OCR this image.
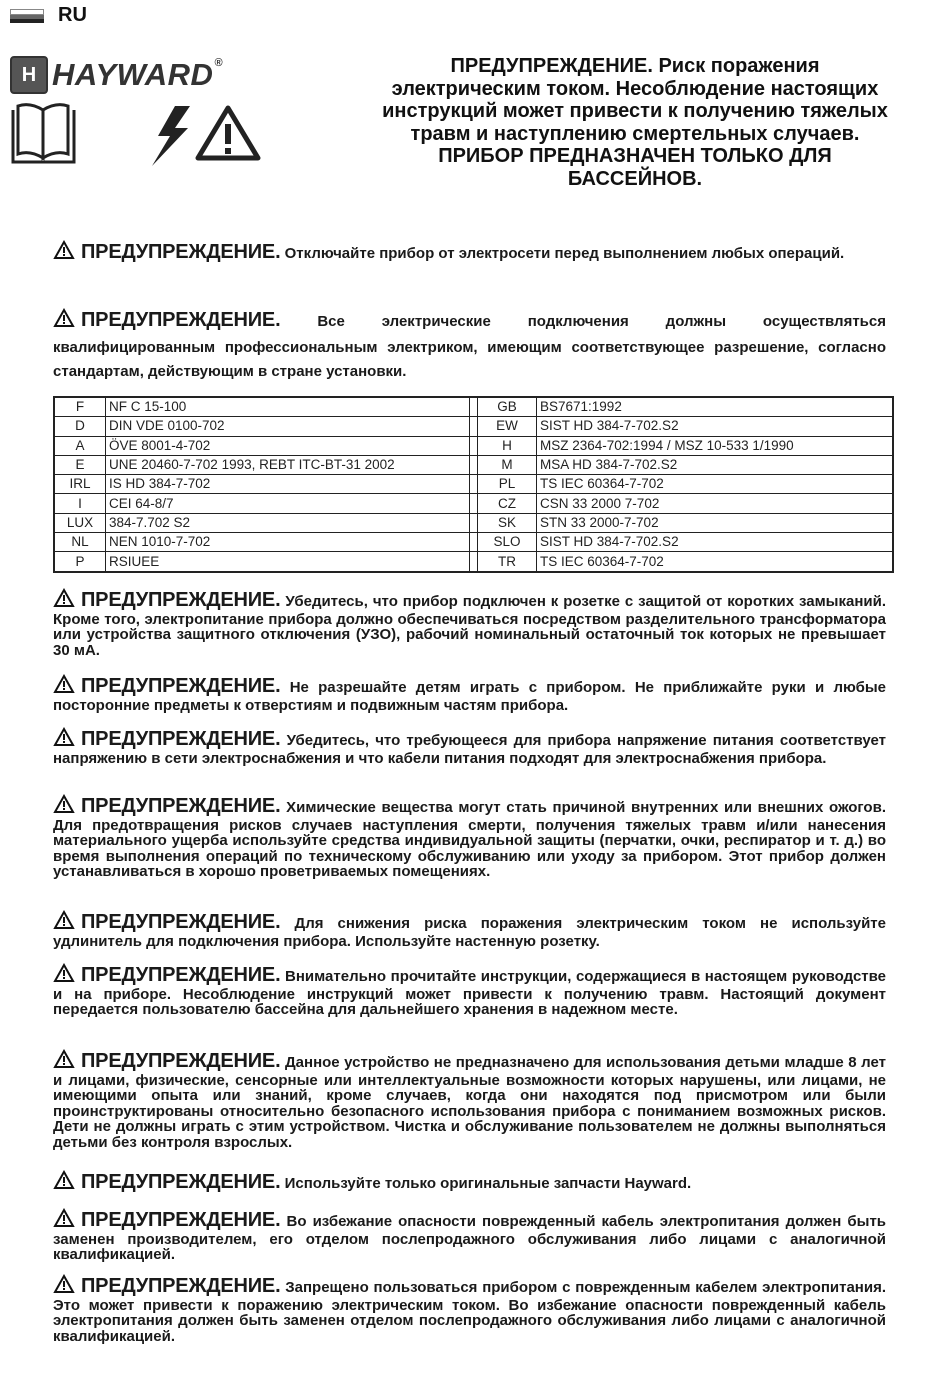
RU
H HAYWARD®	ПРЕДУПРЕЖДЕНИЕ. Риск поражения
электрическим током. Несоблюдение настоящих
инструкций может привести к получению тяжелых
травм и наступлению смертельных случаев.
ПРИБОР ПРЕДНАЗНАЧЕН ТОЛЬКО ДЛЯ
БАССЕЙНОВ.
ПРЕДУПРЕЖДЕНИЕ. Отключайте прибор от электросети перед выполнением любых операций.
ПРЕДУПРЕЖДЕНИЕ. Все электрические подключения должны осуществляться квалифицированным профессиональным электриком, имеющим соответствующее разрешение, согласно стандартам, действующим в стране установки.
F	NF C 15-100		GB	BS7671:1992
D	DIN VDE 0100-702		EW	SIST HD 384-7-702.S2
A	ÖVE 8001-4-702		H	MSZ 2364-702:1994 / MSZ 10-533 1/1990
E	UNE 20460-7-702 1993, REBT ITC-BT-31 2002		M	MSA HD 384-7-702.S2
IRL	IS HD 384-7-702		PL	TS IEC 60364-7-702
I	CEI 64-8/7		CZ	CSN 33 2000 7-702
LUX	384-7.702 S2		SK	STN 33 2000-7-702
NL	NEN 1010-7-702		SLO	SIST HD 384-7-702.S2
P	RSIUEE		TR	TS IEC 60364-7-702
ПРЕДУПРЕЖДЕНИЕ. Убедитесь, что прибор подключен к розетке с защитой от коротких замыканий. Кроме того, электропитание прибора должно обеспечиваться посредством разделительного трансформатора или устройства защитного отключения (УЗО), рабочий номинальный остаточный ток которых не превышает 30 мА.
ПРЕДУПРЕЖДЕНИЕ. Не разрешайте детям играть с прибором. Не приближайте руки и любые посторонние предметы к отверстиям и подвижным частям прибора.
ПРЕДУПРЕЖДЕНИЕ. Убедитесь, что требующееся для прибора напряжение питания соответствует напряжению в сети электроснабжения и что кабели питания подходят для электроснабжения прибора.
ПРЕДУПРЕЖДЕНИЕ. Химические вещества могут стать причиной внутренних или внешних ожогов. Для предотвращения рисков случаев наступления смерти, получения тяжелых травм и/или нанесения материального ущерба используйте средства индивидуальной защиты (перчатки, очки, респиратор и т. д.) во время выполнения операций по техническому обслуживанию или уходу за прибором. Этот прибор должен устанавливаться в хорошо проветриваемых помещениях.
ПРЕДУПРЕЖДЕНИЕ. Для снижения риска поражения электрическим током не используйте удлинитель для подключения прибора. Используйте настенную розетку.
ПРЕДУПРЕЖДЕНИЕ. Внимательно прочитайте инструкции, содержащиеся в настоящем руководстве и на приборе. Несоблюдение инструкций может привести к получению травм. Настоящий документ передается пользователю бассейна для дальнейшего хранения в надежном месте.
ПРЕДУПРЕЖДЕНИЕ. Данное устройство не предназначено для использования детьми младше 8 лет и лицами, физические, сенсорные или интеллектуальные возможности которых нарушены, или лицами, не имеющими опыта или знаний, кроме случаев, когда они находятся под присмотром или были проинструктированы относительно безопасного использования прибора с пониманием возможных рисков. Дети не должны играть с этим устройством. Чистка и обслуживание пользователем не должны выполняться детьми без контроля взрослых.
ПРЕДУПРЕЖДЕНИЕ. Используйте только оригинальные запчасти Hayward.
ПРЕДУПРЕЖДЕНИЕ. Во избежание опасности поврежденный кабель электропитания должен быть заменен производителем, его отделом послепродажного обслуживания либо лицами с аналогичной квалификацией.
ПРЕДУПРЕЖДЕНИЕ. Запрещено пользоваться прибором с поврежденным кабелем электропитания. Это может привести к поражению электрическим током. Во избежание опасности поврежденный кабель электропитания должен быть заменен отделом послепродажного обслуживания либо лицами с аналогичной квалификацией.
